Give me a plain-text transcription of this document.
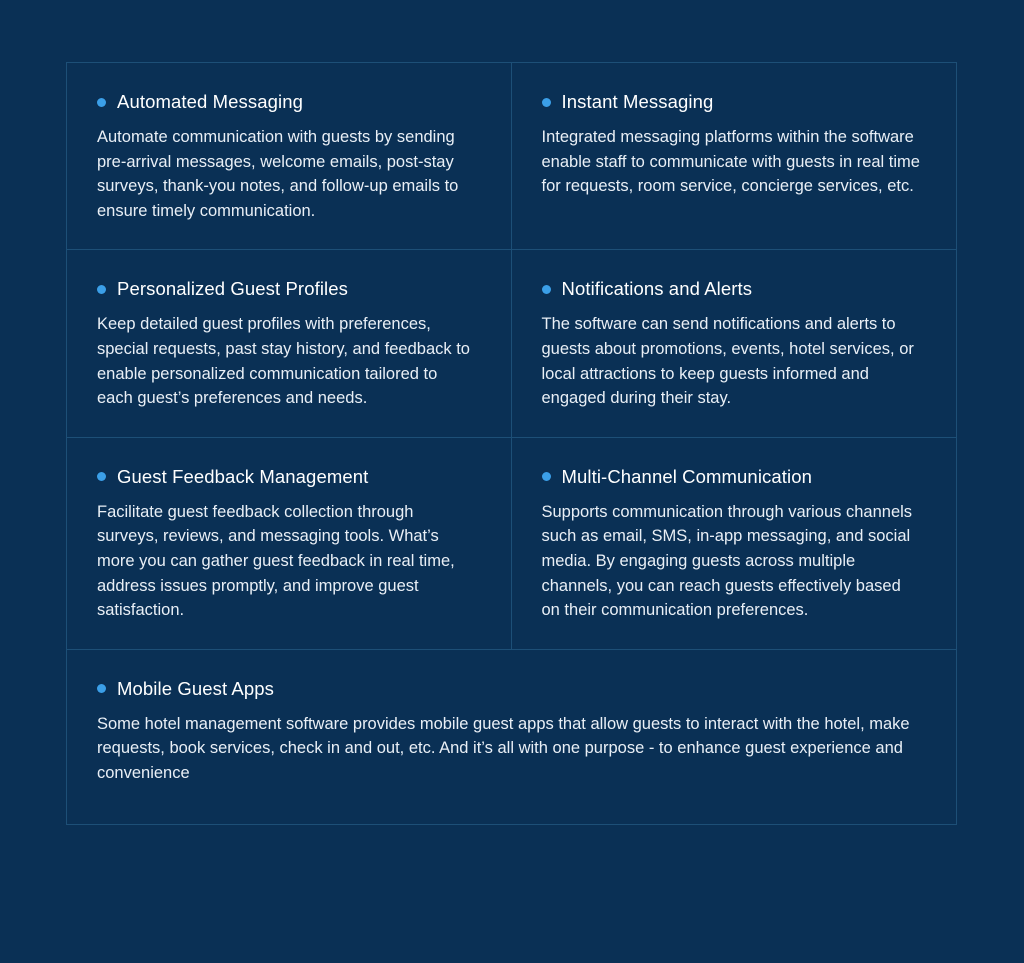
Automated Messaging

Automate communication with guests by sending pre-arrival messages, welcome emails, post-stay surveys, thank-you notes, and follow-up emails to ensure timely communication.

Instant Messaging

Integrated messaging platforms within the software enable staff to communicate with guests in real time for requests, room service, concierge services, etc.

Personalized Guest Profiles

Keep detailed guest profiles with preferences, special requests, past stay history, and feedback to enable personalized communication tailored to each guest’s preferences and needs.

Notifications and Alerts

The software can send notifications and alerts to guests about promotions, events, hotel services, or local attractions to keep guests informed and engaged during their stay.

Guest Feedback Management

Facilitate guest feedback collection through surveys, reviews, and messaging tools. What’s more you can gather guest feedback in real time, address issues promptly, and improve guest satisfaction.

Multi-Channel Communication

Supports communication through various channels such as email, SMS, in-app messaging, and social media. By engaging guests across multiple channels, you can reach guests effectively based on their communication preferences.

Mobile Guest Apps

Some hotel management software provides mobile guest apps that allow guests to interact with the hotel, make requests, book services, check in and out, etc. And it’s all with one purpose - to enhance guest experience and convenience
